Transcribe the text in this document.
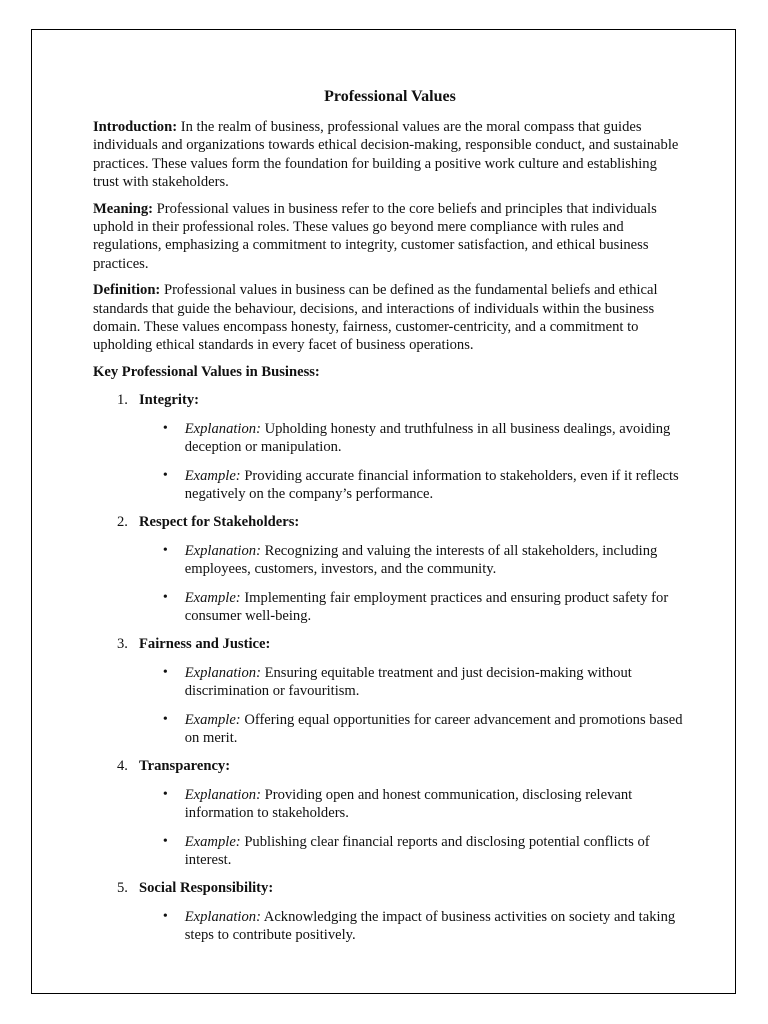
Professional Values

Introduction: In the realm of business, professional values are the moral compass that guides individuals and organizations towards ethical decision-making, responsible conduct, and sustainable practices. These values form the foundation for building a positive work culture and establishing trust with stakeholders.

Meaning: Professional values in business refer to the core beliefs and principles that individuals uphold in their professional roles. These values go beyond mere compliance with rules and regulations, emphasizing a commitment to integrity, customer satisfaction, and ethical business practices.

Definition: Professional values in business can be defined as the fundamental beliefs and ethical standards that guide the behaviour, decisions, and interactions of individuals within the business domain. These values encompass honesty, fairness, customer-centricity, and a commitment to upholding ethical standards in every facet of business operations.

Key Professional Values in Business:
1. Integrity:
•	Explanation: Upholding honesty and truthfulness in all business dealings, avoiding deception or manipulation.
•	Example: Providing accurate financial information to stakeholders, even if it reflects negatively on the company’s performance.
2. Respect for Stakeholders:
•	Explanation: Recognizing and valuing the interests of all stakeholders, including employees, customers, investors, and the community.
•	Example: Implementing fair employment practices and ensuring product safety for consumer well-being.
3. Fairness and Justice:
•	Explanation: Ensuring equitable treatment and just decision-making without discrimination or favouritism.
•	Example: Offering equal opportunities for career advancement and promotions based on merit.
4. Transparency:
•	Explanation: Providing open and honest communication, disclosing relevant information to stakeholders.
•	Example: Publishing clear financial reports and disclosing potential conflicts of interest.
5. Social Responsibility:
•	Explanation: Acknowledging the impact of business activities on society and taking steps to contribute positively.
